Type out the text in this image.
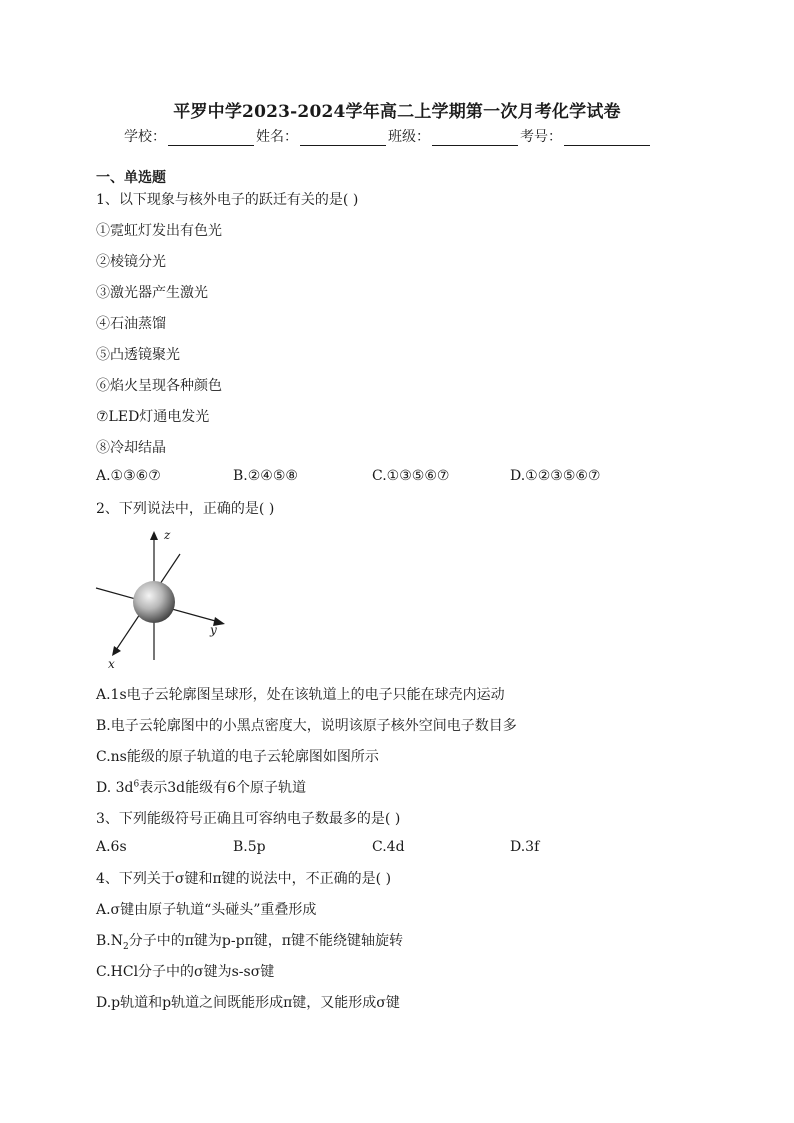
平罗中学2023-2024学年高二上学期第一次月考化学试卷
学校：	姓名：	班级：	考号：
一、单选题
1、以下现象与核外电子的跃迁有关的是( )
①霓虹灯发出有色光
②棱镜分光
③激光器产生激光
④石油蒸馏
⑤凸透镜聚光
⑥焰火呈现各种颜色
⑦LED灯通电发光
⑧冷却结晶
A.①③⑥⑦	B.②④⑤⑧	C.①③⑤⑥⑦	D.①②③⑤⑥⑦
2、下列说法中，正确的是( )
z
y
x
A.1s电子云轮廓图呈球形，处在该轨道上的电子只能在球壳内运动
B.电子云轮廓图中的小黑点密度大，说明该原子核外空间电子数目多
C.ns能级的原子轨道的电子云轮廓图如图所示
D. $3d^6$表示3d能级有6个原子轨道
3、下列能级符号正确且可容纳电子数最多的是( )
A.6s	B.5p	C.4d	D.3f
4、下列关于σ键和π键的说法中，不正确的是( )
A.σ键由原子轨道“头碰头”重叠形成
$B.N_2$分子中的π键为p-pπ键，π键不能绕键轴旋转
C.HCl分子中的σ键为s-sσ键
D.p轨道和p轨道之间既能形成π键，又能形成σ键
